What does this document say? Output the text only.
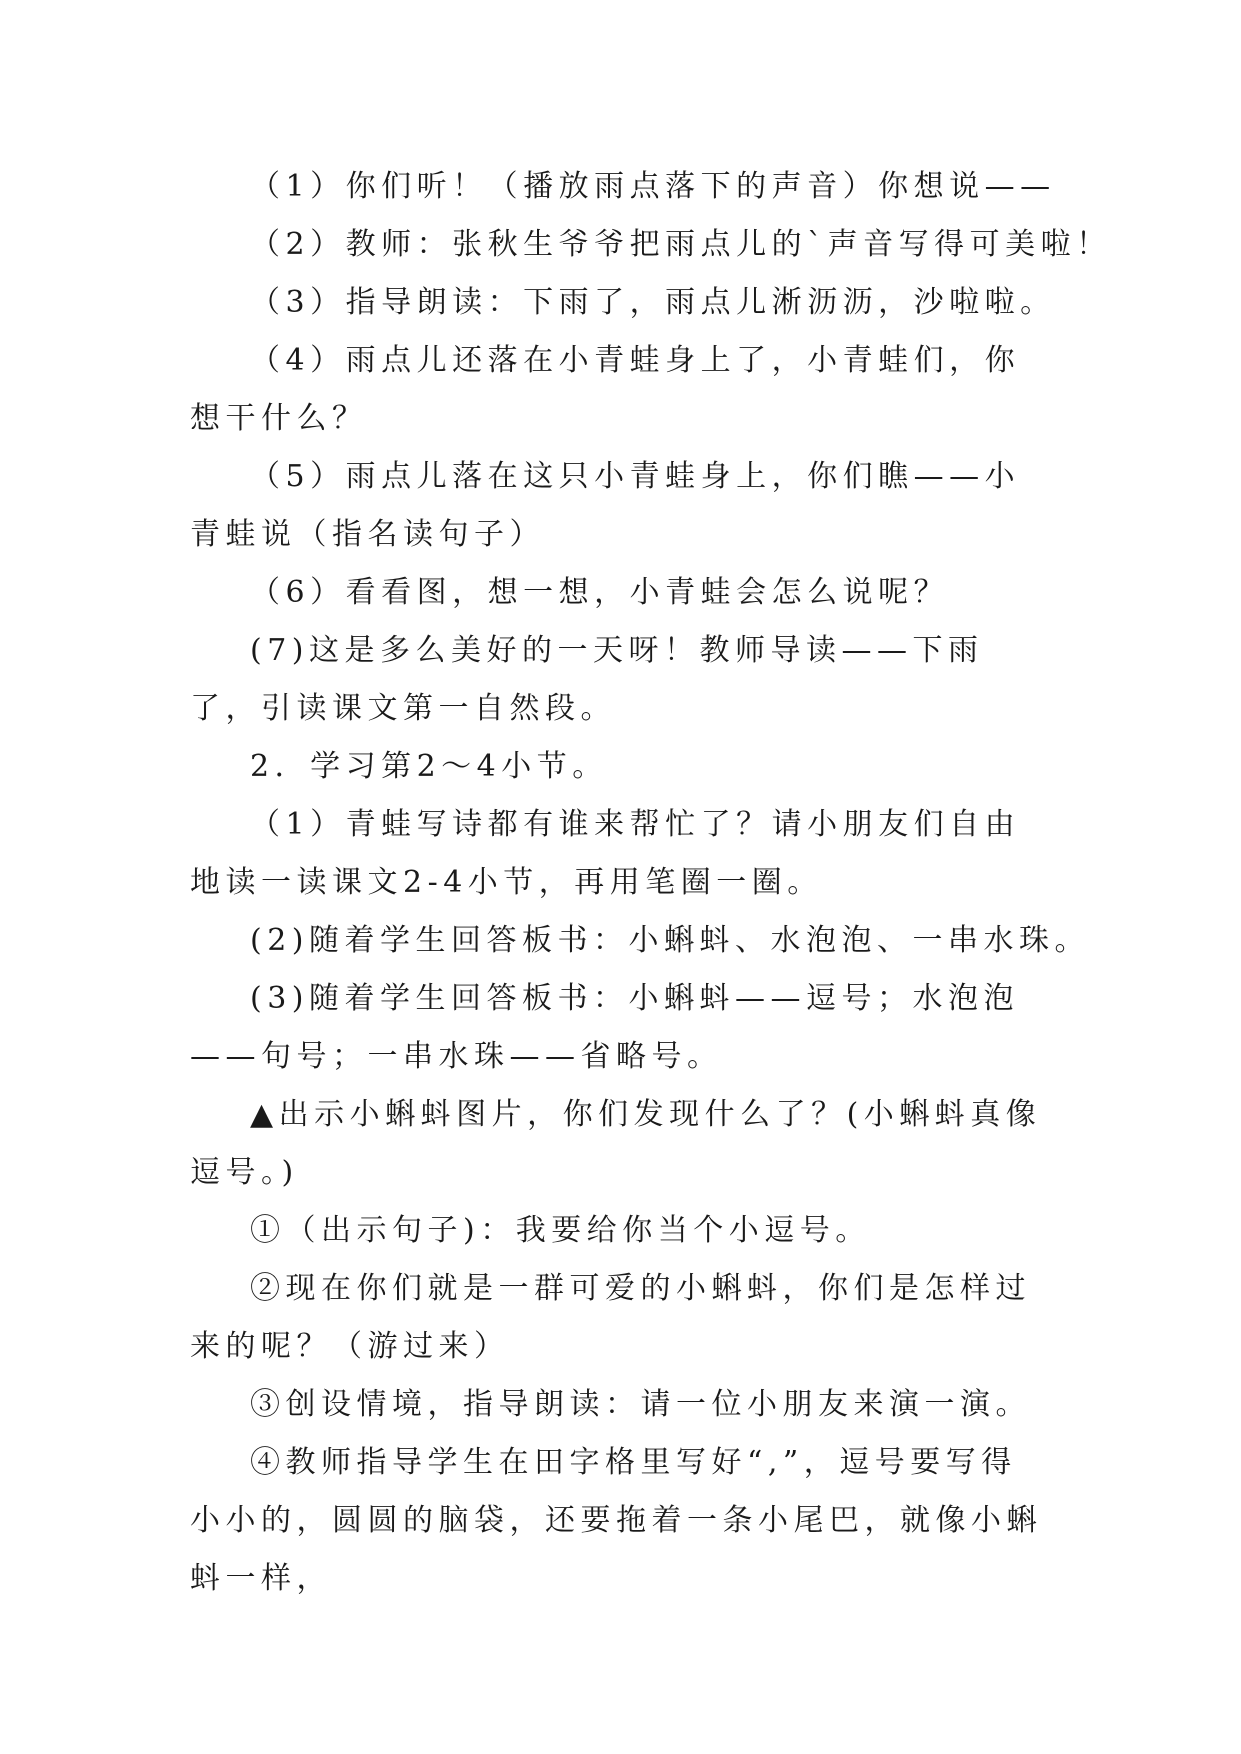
（1）你们听！（播放雨点落下的声音）你想说——

（2）教师：张秋生爷爷把雨点儿的`声音写得可美啦！

（3）指导朗读：下雨了，雨点儿淅沥沥，沙啦啦。

（4）雨点儿还落在小青蛙身上了，小青蛙们，你想干什么？

（5）雨点儿落在这只小青蛙身上，你们瞧——小青蛙说（指名读句子）

（6）看看图，想一想，小青蛙会怎么说呢？

(7)这是多么美好的一天呀！教师导读——下雨了，引读课文第一自然段。

2．学习第2～4小节。

（1）青蛙写诗都有谁来帮忙了？请小朋友们自由地读一读课文2-4小节，再用笔圈一圈。

(2)随着学生回答板书：小蝌蚪、水泡泡、一串水珠。

(3)随着学生回答板书：小蝌蚪——逗号；水泡泡——句号；一串水珠——省略号。

▲出示小蝌蚪图片，你们发现什么了？(小蝌蚪真像逗号。)

①（出示句子)：我要给你当个小逗号。

②现在你们就是一群可爱的小蝌蚪，你们是怎样过来的呢？（游过来）

③创设情境，指导朗读：请一位小朋友来演一演。

④教师指导学生在田字格里写好“,”，逗号要写得小小的，圆圆的脑袋，还要拖着一条小尾巴，就像小蝌蚪一样，
